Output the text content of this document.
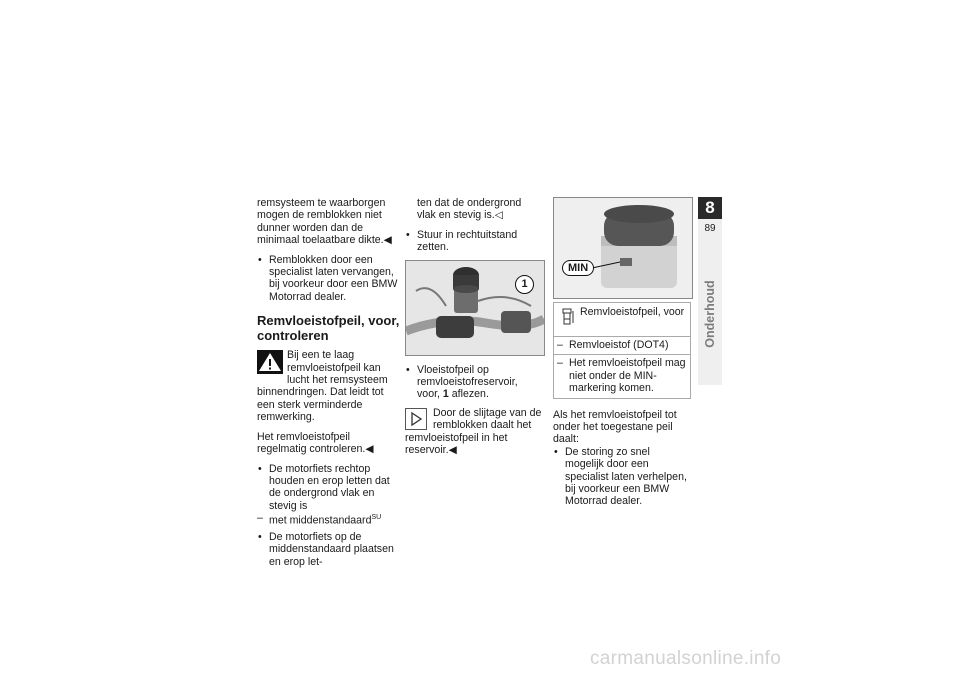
remsysteem te waarborgen mogen de remblokken niet dunner worden dan de minimaal toelaatbare dikte.◀

• Remblokken door een specialist laten vervangen, bij voorkeur door een BMW Motorrad dealer.
Remvloeistofpeil, voor, controleren
Bij een te laag remvloeistofpeil kan lucht het remsysteem binnendringen. Dat leidt tot een sterk verminderde remwerking.

Het remvloeistofpeil regelmatig controleren.◀

• De motorfiets rechtop houden en erop letten dat de ondergrond vlak en stevig is
– met middenstandaard$^{SU}$
• De motorfiets op de middenstandaard plaatsen en erop let-

ten dat de ondergrond vlak en stevig is.◁

• Stuur in rechtuitstand zetten.
1
• Vloeistofpeil op remvloeistofreservoir, voor, 1 aflezen.
Door de slijtage van de remblokken daalt het remvloeistofpeil in het reservoir.◀
MIN
Remvloeistofpeil, voor
– Remvloeistof (DOT4)
– Het remvloeistofpeil mag niet onder de MIN-markering komen.

Als het remvloeistofpeil tot onder het toegestane peil daalt:

• De storing zo snel mogelijk door een specialist laten verhelpen, bij voorkeur een BMW Motorrad dealer.
8
89
Onderhoud
carmanualsonline.info
